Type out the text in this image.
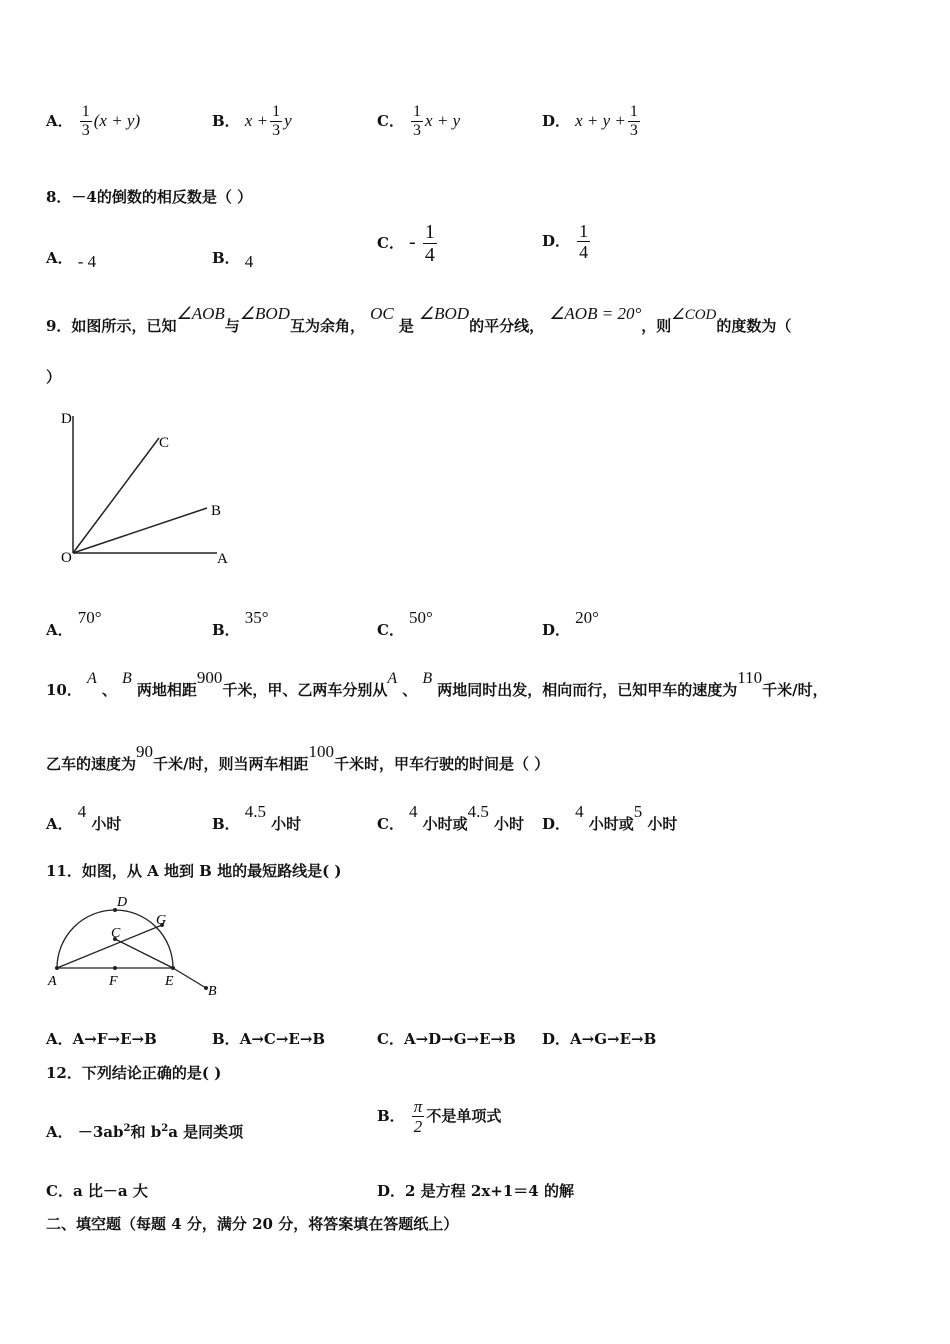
A． $\frac{1}{3} (x + y)$	B． $x + \frac{1}{3}$ y	C． $\frac{1}{3}$ x + y	D． $x + y + \frac{1}{3}$
8．－4的倒数的相反数是（ ）
A． - 4	B． 4
C． - $\frac{1}{4}$	D． $\frac{1}{4}$
9．如图所示，已知∠AOB与∠BOD互为余角， OC 是 ∠BOD的平分线， ∠AOB = 20°，则∠COD的度数为（
）
D
C
B
O	A
A． 70°
B． 35°
C． 50°
D． 20°
10． A 、 B 两地相距900千米，甲、乙两车分别从A 、 B 两地同时出发，相向而行，已知甲车的速度为110千米/时，
乙车的速度为90千米/时，则当两车相距100千米时，甲车行驶的时间是（ ）
A． 4 小时	B． 4.5 小时	C． 4 小时或4.5 小时 D． 4 小时或5 小时
11．如图，从 A 地到 B 地的最短路线是( )
D
G
C
A	F	E
B
A．A→F→E→B	B．A→C→E→B	C．A→D→G→E→B D．A→G→E→B
12．下列结论正确的是( )
A． $-3ab^2$和 $b^2a$ 是同类项
B． $\frac{\pi}{2}$ 不是单项式
C．a 比－a 大	D．2 是方程 2x+1＝4 的解
二、填空题（每题 4 分，满分 20 分，将答案填在答题纸上）
